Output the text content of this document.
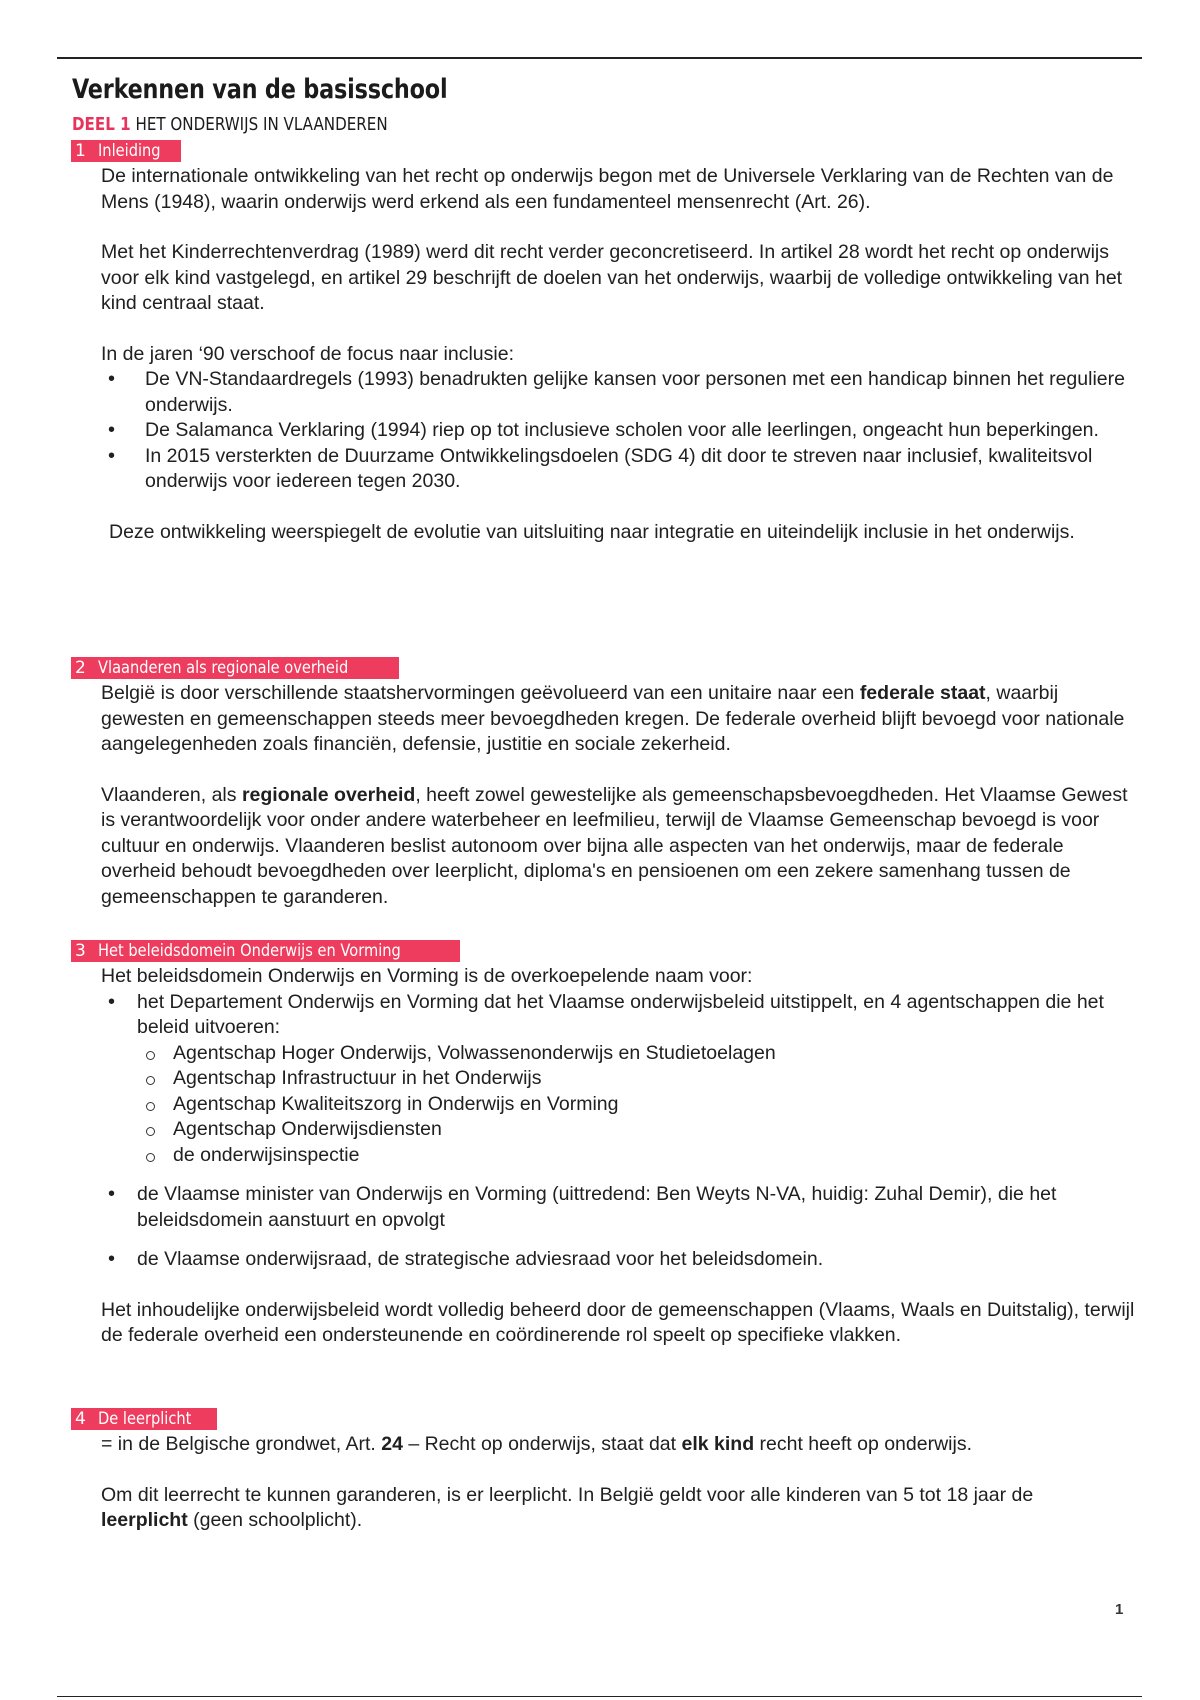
Verkennen van de basisschool
DEEL 1 HET ONDERWIJS IN VLAANDEREN
1 Inleiding

De internationale ontwikkeling van het recht op onderwijs begon met de Universele Verklaring van de Rechten van de Mens (1948), waarin onderwijs werd erkend als een fundamenteel mensenrecht (Art. 26).

Met het Kinderrechtenverdrag (1989) werd dit recht verder geconcretiseerd. In artikel 28 wordt het recht op onderwijs voor elk kind vastgelegd, en artikel 29 beschrijft de doelen van het onderwijs, waarbij de volledige ontwikkeling van het kind centraal staat.

In de jaren ‘90 verschoof de focus naar inclusie:

• De VN-Standaardregels (1993) benadrukten gelijke kansen voor personen met een handicap binnen het reguliere onderwijs.
• De Salamanca Verklaring (1994) riep op tot inclusieve scholen voor alle leerlingen, ongeacht hun beperkingen.
• In 2015 versterkten de Duurzame Ontwikkelingsdoelen (SDG 4) dit door te streven naar inclusief, kwaliteitsvol onderwijs voor iedereen tegen 2030.

Deze ontwikkeling weerspiegelt de evolutie van uitsluiting naar integratie en uiteindelijk inclusie in het onderwijs.

2 Vlaanderen als regionale overheid

België is door verschillende staatshervormingen geëvolueerd van een unitaire naar een federale staat, waarbij gewesten en gemeenschappen steeds meer bevoegdheden kregen. De federale overheid blijft bevoegd voor nationale aangelegenheden zoals financiën, defensie, justitie en sociale zekerheid.

Vlaanderen, als regionale overheid, heeft zowel gewestelijke als gemeenschapsbevoegdheden. Het Vlaamse Gewest is verantwoordelijk voor onder andere waterbeheer en leefmilieu, terwijl de Vlaamse Gemeenschap bevoegd is voor cultuur en onderwijs. Vlaanderen beslist autonoom over bijna alle aspecten van het onderwijs, maar de federale overheid behoudt bevoegdheden over leerplicht, diploma's en pensioenen om een zekere samenhang tussen de gemeenschappen te garanderen.

3 Het beleidsdomein Onderwijs en Vorming

Het beleidsdomein Onderwijs en Vorming is de overkoepelende naam voor:

• het Departement Onderwijs en Vorming dat het Vlaamse onderwijsbeleid uitstippelt, en 4 agentschappen die het beleid uitvoeren:
Agentschap Hoger Onderwijs, Volwassenonderwijs en Studietoelagen
Agentschap Infrastructuur in het Onderwijs
Agentschap Kwaliteitszorg in Onderwijs en Vorming
Agentschap Onderwijsdiensten
de onderwijsinspectie
• de Vlaamse minister van Onderwijs en Vorming (uittredend: Ben Weyts N-VA, huidig: Zuhal Demir), die het beleidsdomein aanstuurt en opvolgt
• de Vlaamse onderwijsraad, de strategische adviesraad voor het beleidsdomein.

Het inhoudelijke onderwijsbeleid wordt volledig beheerd door de gemeenschappen (Vlaams, Waals en Duitstalig), terwijl de federale overheid een ondersteunende en coördinerende rol speelt op specifieke vlakken.

4 De leerplicht

= in de Belgische grondwet, Art. 24 – Recht op onderwijs, staat dat elk kind recht heeft op onderwijs.

Om dit leerrecht te kunnen garanderen, is er leerplicht. In België geldt voor alle kinderen van 5 tot 18 jaar de leerplicht (geen schoolplicht).

1
